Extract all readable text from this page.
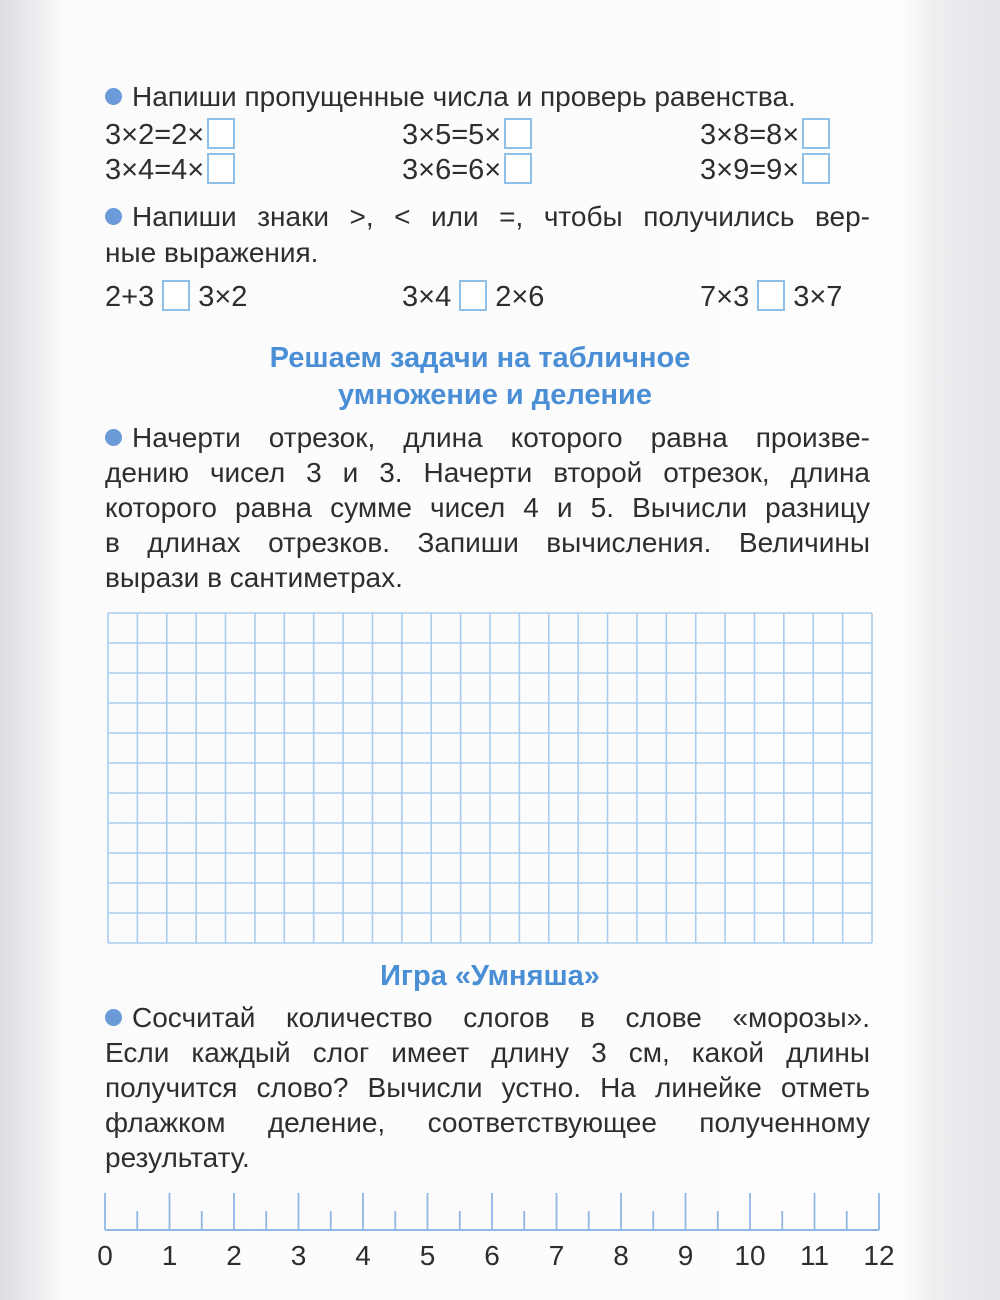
Напиши пропущенные числа и проверь равенства.
3×2=2×	3×5=5×	3×8=8×
3×4=4×	3×6=6×	3×9=9×
Напиши знаки >, < или =, чтобы получились вер-
ные выражения.
2+3 3×2	3×4 2×6	7×3 3×7
Решаем задачи на табличное
умножение и деление
Начерти отрезок, длина которого равна произве-
дению чисел 3 и 3. Начерти второй отрезок, длина
которого равна сумме чисел 4 и 5. Вычисли разницу
в длинах отрезков. Запиши вычисления. Величины
вырази в сантиметрах.
Игра «Умняша»
Сосчитай количество слогов в слове «морозы».
Если каждый слог имеет длину 3 см, какой длины
получится слово? Вычисли устно. На линейке отметь
флажком деление, соответствующее полученному
результату.
0 1 2 3 4 5 6 7 8 9 10 11 12
